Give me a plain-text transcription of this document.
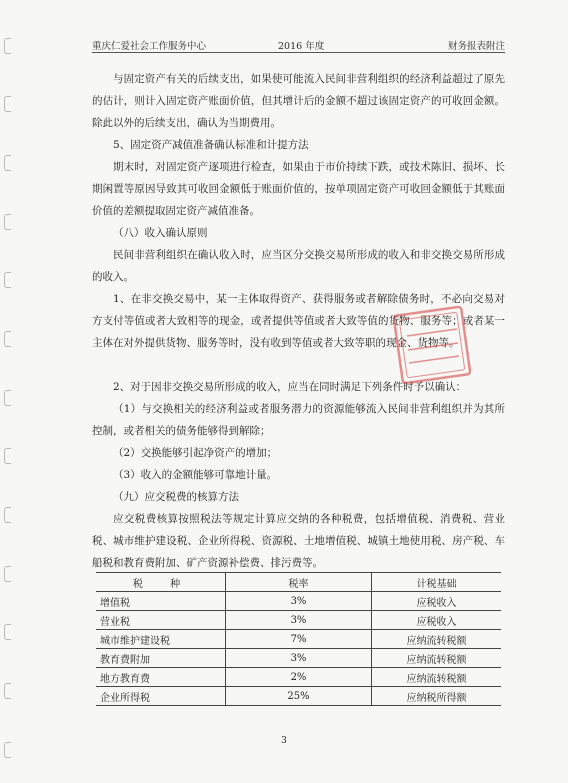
重庆仁爱社会工作服务中心	2016 年度	财务报表附注

与固定资产有关的后续支出，如果使可能流入民间非营利组织的经济利益超过了原先的估计，则计入固定资产账面价值，但其增计后的金额不超过该固定资产的可收回金额。除此以外的后续支出，确认为当期费用。

5、固定资产减值准备确认标准和计提方法

期末时，对固定资产逐项进行检查，如果由于市价持续下跌，或技术陈旧、损坏、长期闲置等原因导致其可收回金额低于账面价值的，按单项固定资产可收回金额低于其账面价值的差额提取固定资产减值准备。

（八）收入确认原则

民间非营利组织在确认收入时，应当区分交换交易所形成的收入和非交换交易所形成的收入。

1、在非交换交易中，某一主体取得资产、获得服务或者解除债务时，不必向交易对方支付等值或者大致相等的现金，或者提供等值或者大致等值的货物、服务等；或者某一主体在对外提供货物、服务等时，没有收到等值或者大致等职的现金、货物等。

2、对于因非交换交易所形成的收入，应当在同时满足下列条件时予以确认：

（1）与交换相关的经济利益或者服务潜力的资源能够流入民间非营利组织并为其所控制，或者相关的债务能够得到解除；

（2）交换能够引起净资产的增加；

（3）收入的金额能够可靠地计量。

（九）应交税费的核算方法

应交税费核算按照税法等规定计算应交纳的各种税费，包括增值税、消费税、营业税、城市维护建设税、企业所得税、资源税、土地增值税、城镇土地使用税、房产税、车船税和教育费附加、矿产资源补偿费、排污费等。

税 种	税率	计税基础
增值税	3%	应税收入
营业税	3%	应税收入
城市维护建设税	7%	应纳流转税额
教育费附加	3%	应纳流转税额
地方教育费	2%	应纳流转税额
企业所得税	25%	应纳税所得额
3
